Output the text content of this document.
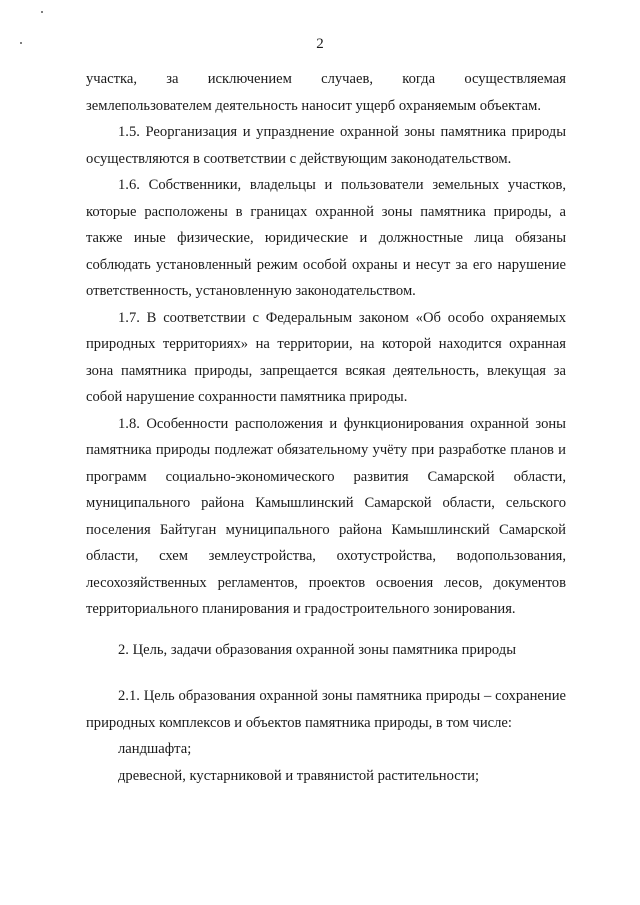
2

участка, за исключением случаев, когда осуществляемая землепользователем деятельность наносит ущерб охраняемым объектам.

1.5. Реорганизация и упразднение охранной зоны памятника природы осуществляются в соответствии с действующим законодательством.

1.6. Собственники, владельцы и пользователи земельных участков, которые расположены в границах охранной зоны памятника природы, а также иные физические, юридические и должностные лица обязаны соблюдать установленный режим особой охраны и несут за его нарушение ответственность, установленную законодательством.

1.7. В соответствии с Федеральным законом «Об особо охраняемых природных территориях» на территории, на которой находится охранная зона памятника природы, запрещается всякая деятельность, влекущая за собой нарушение сохранности памятника природы.

1.8. Особенности расположения и функционирования охранной зоны памятника природы подлежат обязательному учёту при разработке планов и программ социально-экономического развития Самарской области, муниципального района Камышлинский Самарской области, сельского поселения Байтуган муниципального района Камышлинский Самарской области, схем землеустройства, охотустройства, водопользования, лесохозяйственных регламентов, проектов освоения лесов, документов территориального планирования и градостроительного зонирования.

2. Цель, задачи образования охранной зоны памятника природы

2.1. Цель образования охранной зоны памятника природы – сохранение природных комплексов и объектов памятника природы, в том числе:

ландшафта;

древесной, кустарниковой и травянистой растительности;
